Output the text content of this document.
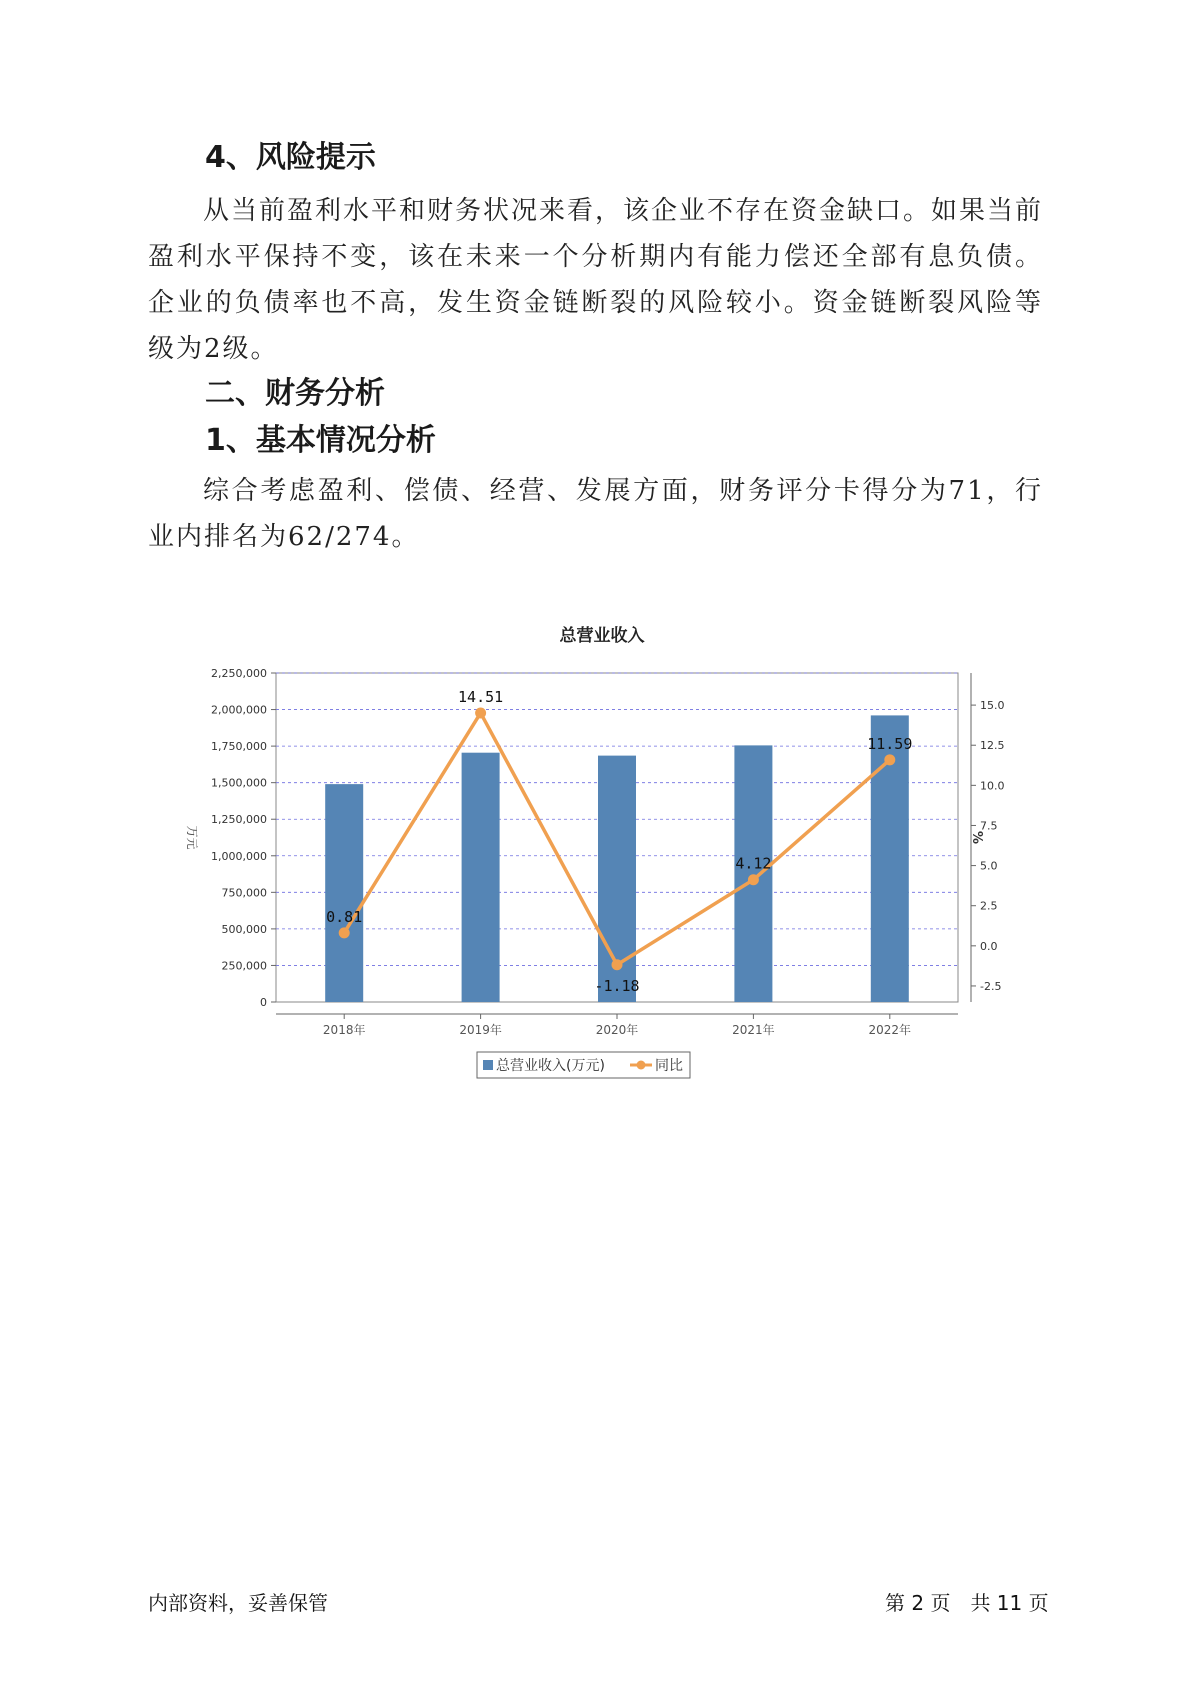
4、风险提示

从当前盈利水平和财务状况来看，该企业不存在资金缺口。如果当前盈利水平保持不变，该在未来一个分析期内有能力偿还全部有息负债。企业的负债率也不高，发生资金链断裂的风险较小。资金链断裂风险等级为2级。

二、财务分析
1、基本情况分析

综合考虑盈利、偿债、经营、发展方面，财务评分卡得分为71，行业内排名为62/274。

总营业收入
0
250,000
500,000
750,000
1,000,000
1,250,000
1,500,000
1,750,000
2,000,000
2,250,000
-2.5
0.0
2.5
5.0
7.5
10.0
12.5
15.0
万元	%
2018年	2019年	2020年	2021年	2022年
0.81
14.51
-1.18
4.12
11.59
总营业收入(万元)	同比
内部资料，妥善保管	第 2 页　共 11 页
